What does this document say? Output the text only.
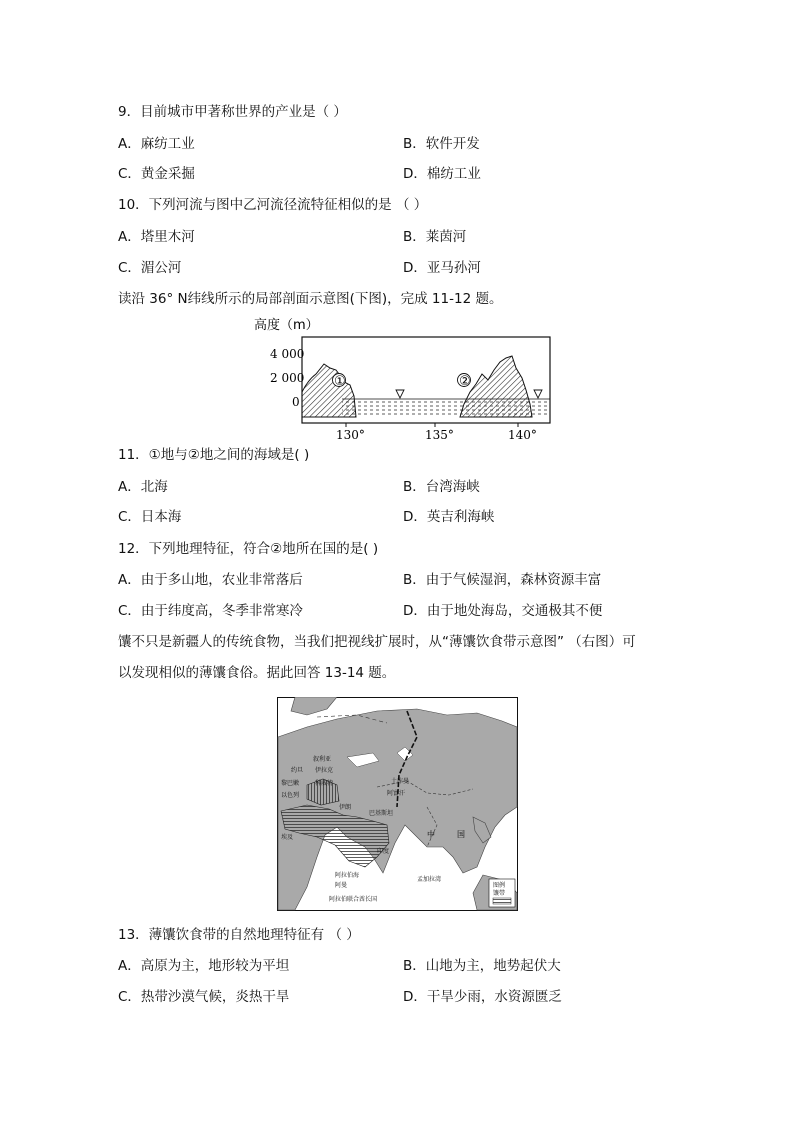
9．目前城市甲著称世界的产业是（ ）
A．麻纺工业	B．软件开发
C．黄金采掘	D．棉纺工业
10．下列河流与图中乙河流径流特征相似的是 （ ）
A．塔里木河	B．莱茵河
C．湄公河	D．亚马孙河
读沿 36° N纬线所示的局部剖面示意图(下图)，完成 11-12 题。
高度（m）
4 000
2 000
0
①	②
130°	135°	140°
11．①地与②地之间的海域是( )
A．北海	B．台湾海峡
C．日本海	D．英吉利海峡
12．下列地理特征，符合②地所在国的是( )
A．由于多山地，农业非常落后	B．由于气候湿润，森林资源丰富
C．由于纬度高，冬季非常寒冷	D．由于地处海岛，交通极其不便
馕不只是新疆人的传统食物，当我们把视线扩展时，从“薄馕饮食带示意图” （右图）可
以发现相似的薄馕食俗。据此回答 13-14 题。
叙利亚
约旦 伊拉克
黎巴嫩	科威特
以色列
土库曼
伊朗
阿富汗
巴基斯坦
中	国
印度
埃及
阿拉伯海
阿曼
孟加拉湾
阿拉伯联合酋长国
图例
馕带
13．薄馕饮食带的自然地理特征有 （ ）
A．高原为主，地形较为平坦	B．山地为主，地势起伏大
C．热带沙漠气候，炎热干旱	D．干旱少雨，水资源匮乏
